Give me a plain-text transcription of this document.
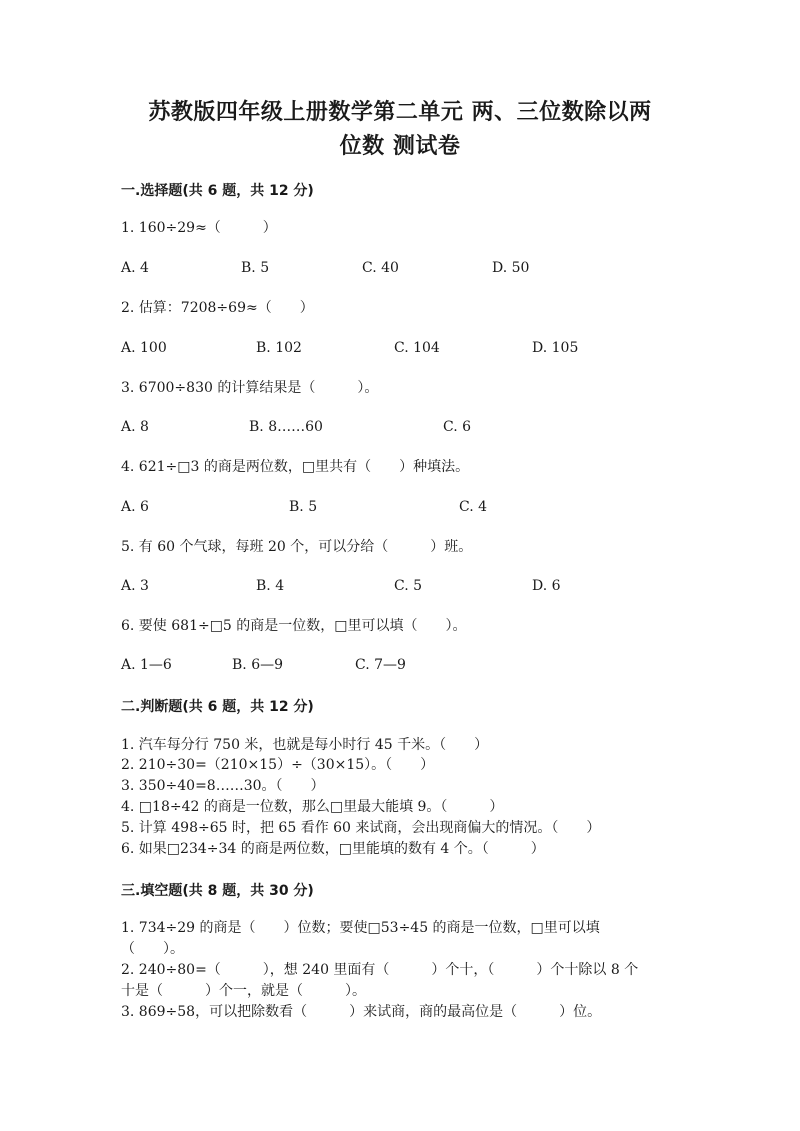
苏教版四年级上册数学第二单元 两、三位数除以两
位数 测试卷
一.选择题(共 6 题，共 12 分)
1. 160÷29≈（　　　）
A. 4	B. 5	C. 40	D. 50
2. 估算：7208÷69≈（　　）
A. 100	B. 102	C. 104	D. 105
3. 6700÷830 的计算结果是（　　　）。
A. 8	B. 8……60	C. 6
4. 621÷□3 的商是两位数，□里共有（　　）种填法。
A. 6	B. 5	C. 4
5. 有 60 个气球，每班 20 个，可以分给（　　　）班。
A. 3	B. 4	C. 5	D. 6
6. 要使 681÷□5 的商是一位数，□里可以填（　　）。
A. 1—6	B. 6—9	C. 7—9
二.判断题(共 6 题，共 12 分)
1. 汽车每分行 750 米，也就是每小时行 45 千米。（　　）
2. 210÷30=（210×15）÷（30×15）。（　　）
3. 350÷40=8……30。（　　）
4. □18÷42 的商是一位数，那么□里最大能填 9。（　　　）
5. 计算 498÷65 时，把 65 看作 60 来试商，会出现商偏大的情况。（　　）
6. 如果□234÷34 的商是两位数，□里能填的数有 4 个。（　　　）
三.填空题(共 8 题，共 30 分)
1. 734÷29 的商是（　　）位数；要使□53÷45 的商是一位数，□里可以填
（　　）。
2. 240÷80=（　　　），想 240 里面有（　　　）个十，（　　　）个十除以 8 个
十是（　　　）个一，就是（　　　）。
3. 869÷58，可以把除数看（　　　）来试商，商的最高位是（　　　）位。
